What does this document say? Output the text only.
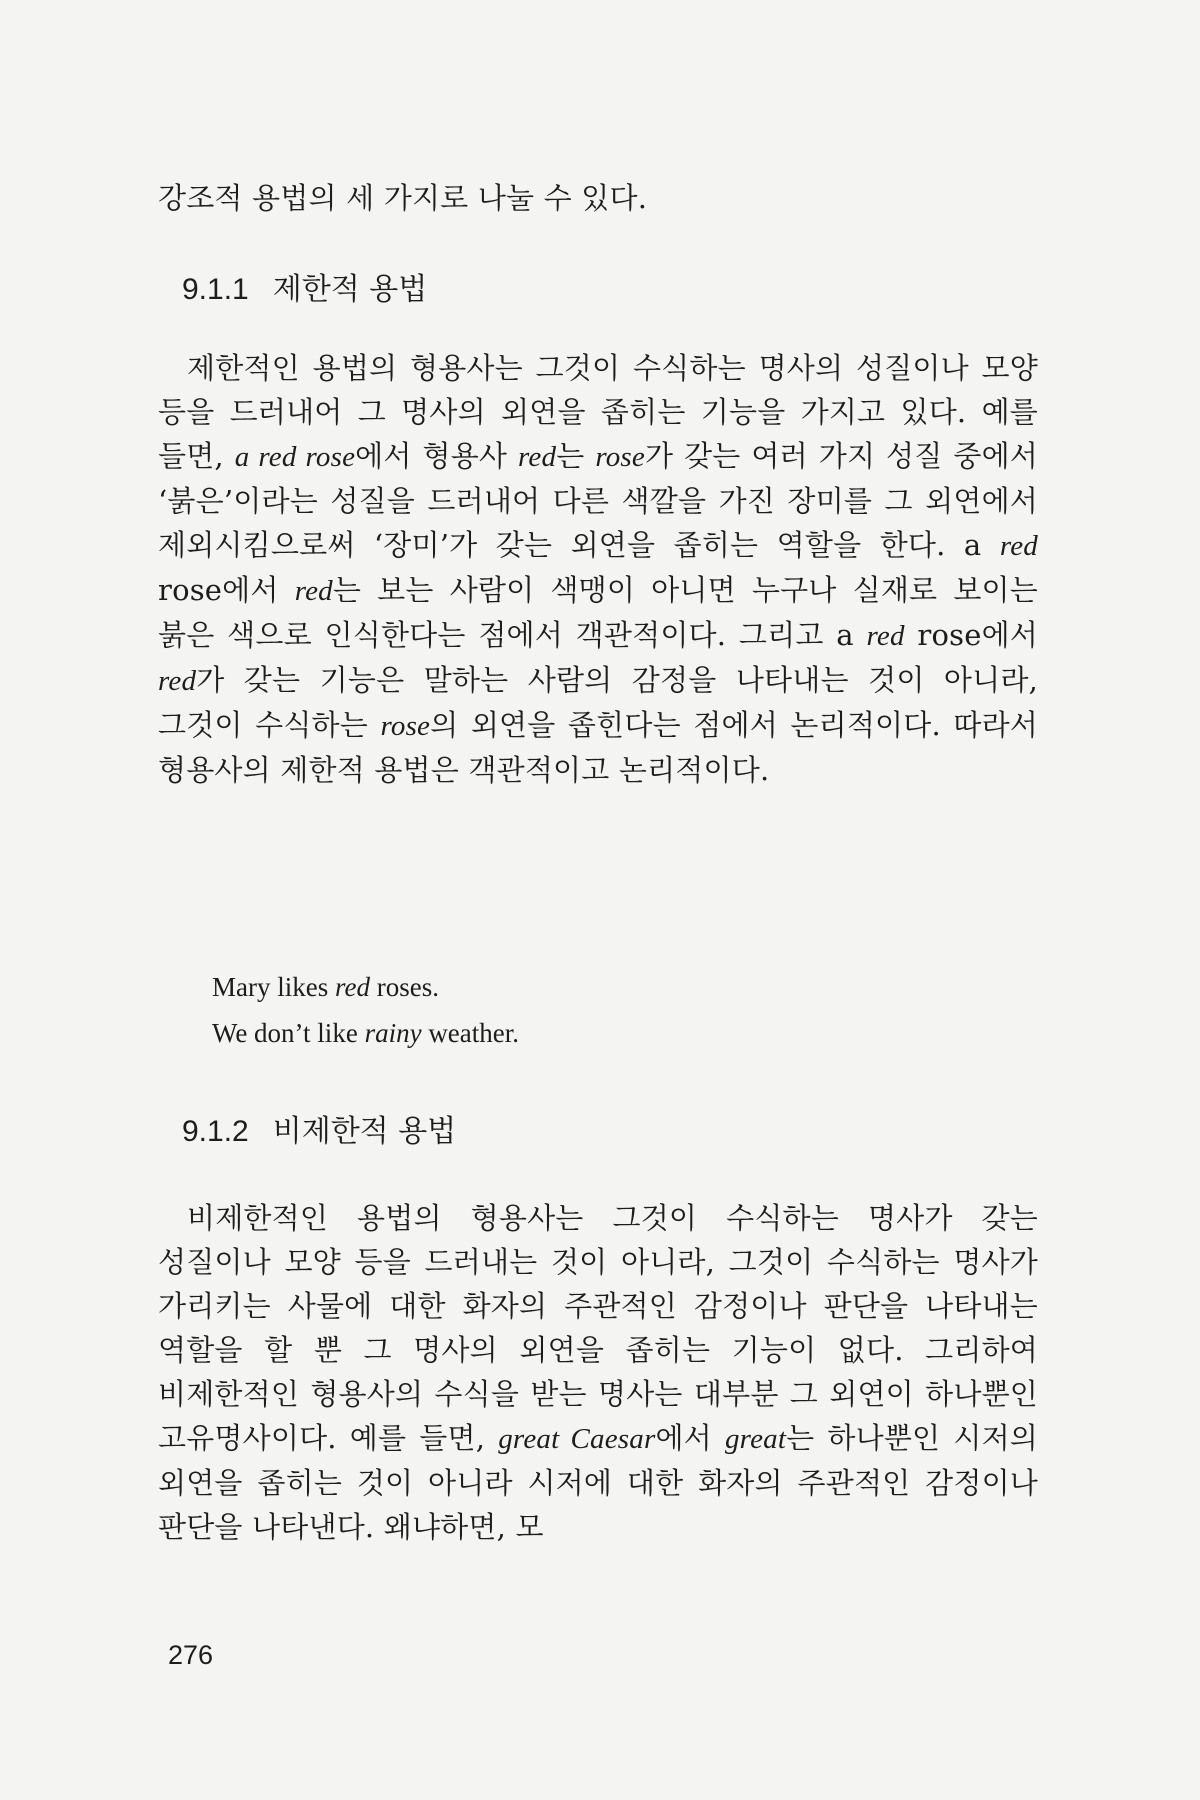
강조적 용법의 세 가지로 나눌 수 있다.
9.1.1 제한적 용법

제한적인 용법의 형용사는 그것이 수식하는 명사의 성질이나 모양 등을 드러내어 그 명사의 외연을 좁히는 기능을 가지고 있다. 예를 들면, a red rose에서 형용사 red는 rose가 갖는 여러 가지 성질 중에서 ‘붉은’이라는 성질을 드러내어 다른 색깔을 가진 장미를 그 외연에서 제외시킴으로써 ‘장미’가 갖는 외연을 좁히는 역할을 한다. a red rose에서 red는 보는 사람이 색맹이 아니면 누구나 실재로 보이는 붉은 색으로 인식한다는 점에서 객관적이다. 그리고 a red rose에서 red가 갖는 기능은 말하는 사람의 감정을 나타내는 것이 아니라, 그것이 수식하는 rose의 외연을 좁힌다는 점에서 논리적이다. 따라서 형용사의 제한적 용법은 객관적이고 논리적이다.

Mary likes red roses.
We don’t like rainy weather.
9.1.2 비제한적 용법

비제한적인 용법의 형용사는 그것이 수식하는 명사가 갖는 성질이나 모양 등을 드러내는 것이 아니라, 그것이 수식하는 명사가 가리키는 사물에 대한 화자의 주관적인 감정이나 판단을 나타내는 역할을 할 뿐 그 명사의 외연을 좁히는 기능이 없다. 그리하여 비제한적인 형용사의 수식을 받는 명사는 대부분 그 외연이 하나뿐인 고유명사이다. 예를 들면, great Caesar에서 great는 하나뿐인 시저의 외연을 좁히는 것이 아니라 시저에 대한 화자의 주관적인 감정이나 판단을 나타낸다. 왜냐하면, 모

276
